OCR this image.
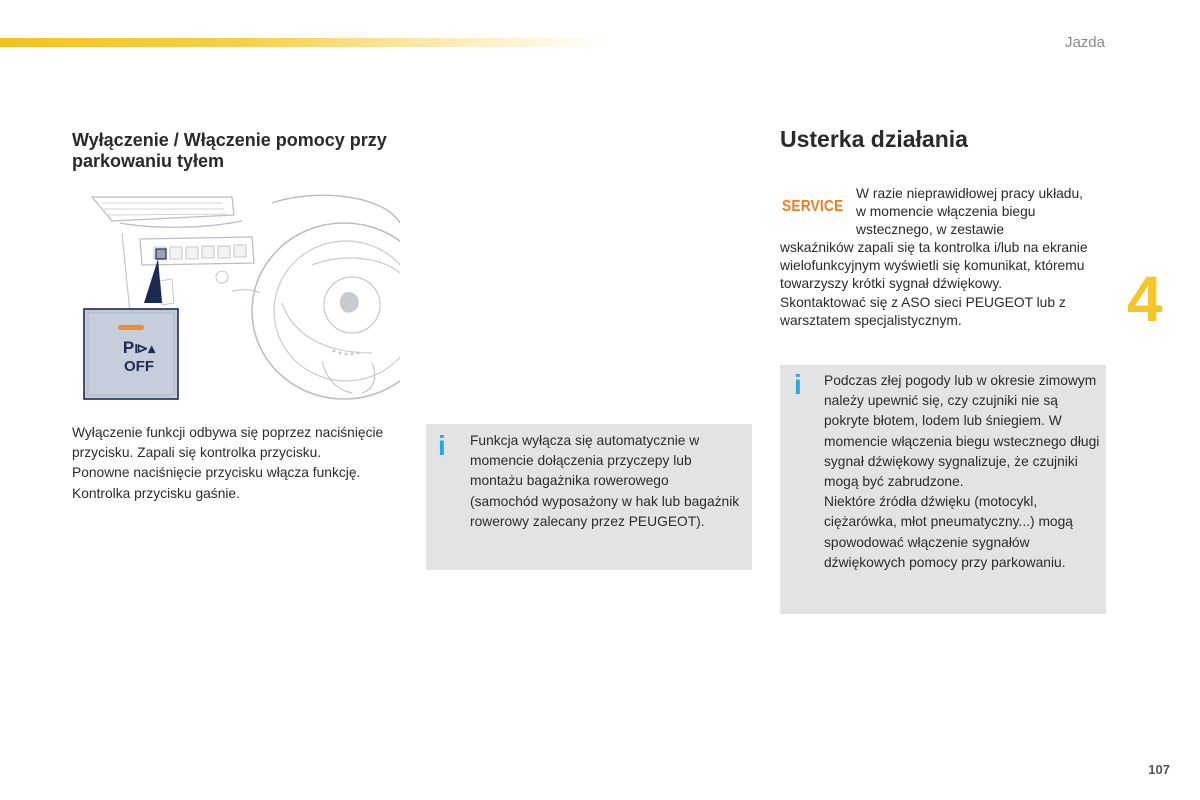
Jazda
4
107
Wyłączenie / Włączenie pomocy przy parkowaniu tyłem
P⧐▴
OFF

Wyłączenie funkcji odbywa się poprzez naciśnięcie przycisku. Zapali się kontrolka przycisku.

Ponowne naciśnięcie przycisku włącza funkcję. Kontrolka przycisku gaśnie.

i Funkcja wyłącza się automatycznie w momencie dołączenia przyczepy lub montażu bagażnika rowerowego (samochód wyposażony w hak lub bagażnik rowerowy zalecany przez PEUGEOT).
Usterka działania
SERVICE
W razie nieprawidłowej pracy układu, w momencie włączenia biegu wstecznego, w zestawie
wskaźników zapali się ta kontrolka i/lub na ekranie wielofunkcyjnym wyświetli się komunikat, któremu towarzyszy krótki sygnał dźwiękowy.
Skontaktować się z ASO sieci PEUGEOT lub z warsztatem specjalistycznym.
i Podczas złej pogody lub w okresie zimowym należy upewnić się, czy czujniki nie są pokryte błotem, lodem lub śniegiem. W momencie włączenia biegu wstecznego długi sygnał dźwiękowy sygnalizuje, że czujniki mogą być zabrudzone.

Niektóre źródła dźwięku (motocykl, ciężarówka, młot pneumatyczny...) mogą spowodować włączenie sygnałów dźwiękowych pomocy przy parkowaniu.
